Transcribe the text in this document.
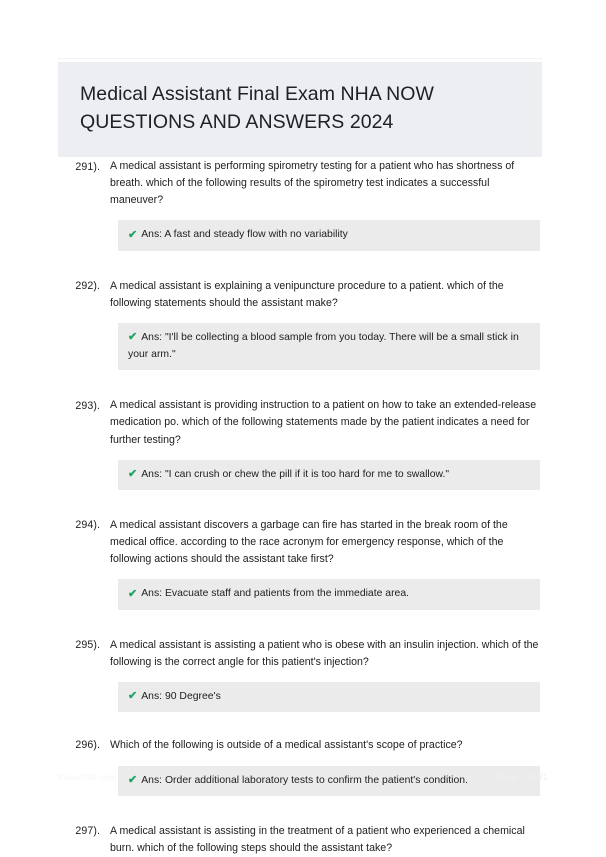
Medical Assistant Final Exam NHA NOW QUESTIONS AND ANSWERS 2024
291). A medical assistant is performing spirometry testing for a patient who has shortness of breath. which of the following results of the spirometry test indicates a successful maneuver?
✔ Ans: A fast and steady flow with no variability
292). A medical assistant is explaining a venipuncture procedure to a patient. which of the following statements should the assistant make?
✔ Ans: "I'll be collecting a blood sample from you today. There will be a small stick in your arm."
293). A medical assistant is providing instruction to a patient on how to take an extended-release medication po. which of the following statements made by the patient indicates a need for further testing?
✔ Ans: "I can crush or chew the pill if it is too hard for me to swallow."
294). A medical assistant discovers a garbage can fire has started in the break room of the medical office. according to the race acronym for emergency response, which of the following actions should the assistant take first?
✔ Ans: Evacuate staff and patients from the immediate area.
295). A medical assistant is assisting a patient who is obese with an insulin injection. which of the following is the correct angle for this patient's injection?
✔ Ans: 90 Degree's
296). Which of the following is outside of a medical assistant's scope of practice?
✔ Ans: Order additional laboratory tests to confirm the patient's condition.
297). A medical assistant is assisting in the treatment of a patient who experienced a chemical burn. which of the following steps should the assistant take?
PaperStic.com	Page 1 of 21
